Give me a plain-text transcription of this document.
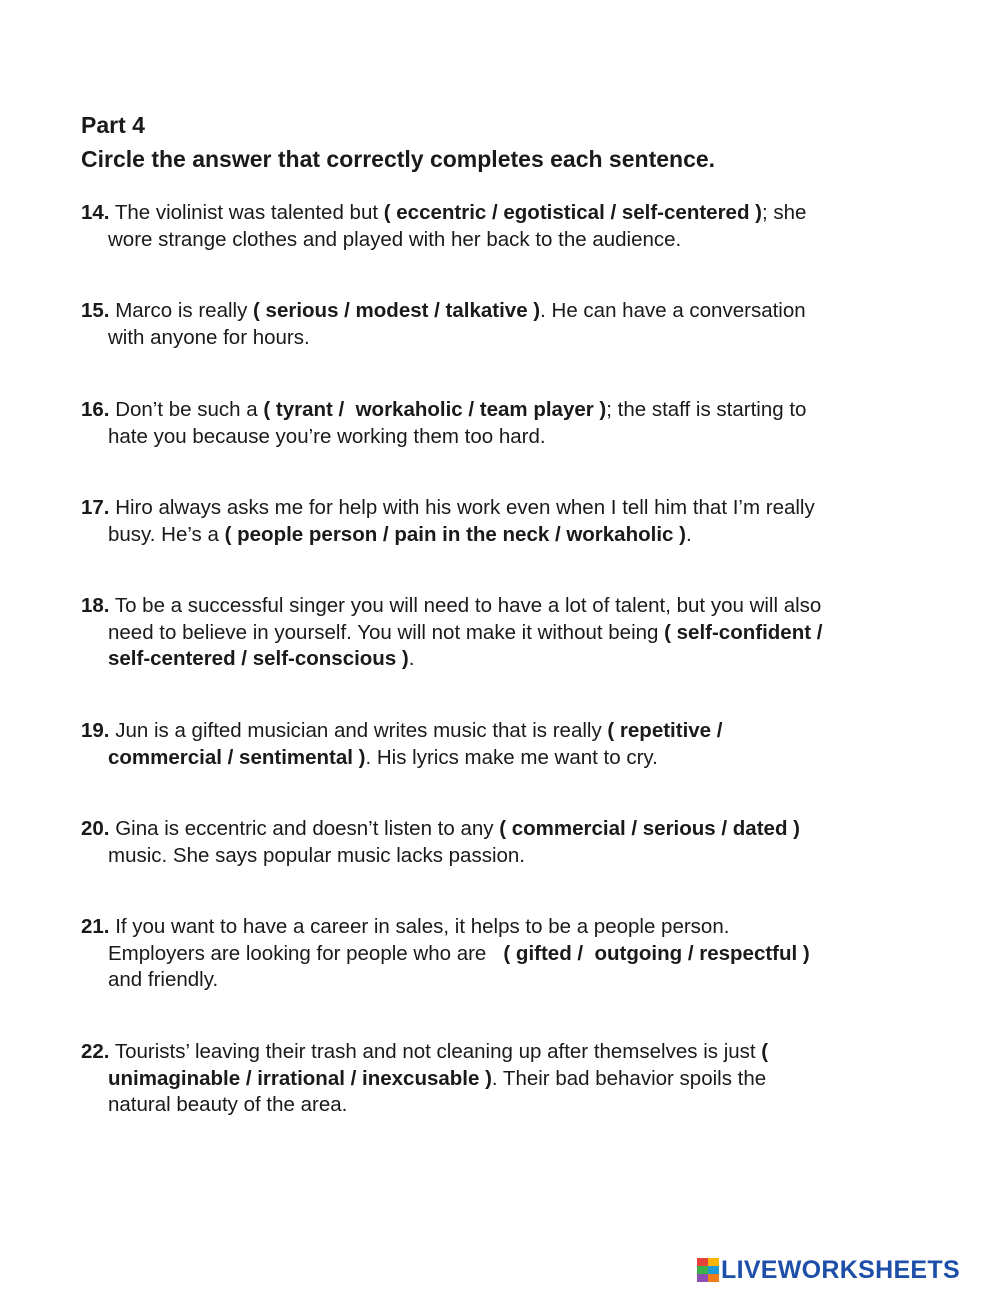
Part 4
Circle the answer that correctly completes each sentence.
14. The violinist was talented but ( eccentric / egotistical / self-centered ); she
wore strange clothes and played with her back to the audience.
15. Marco is really ( serious / modest / talkative ). He can have a conversation
with anyone for hours.
16. Don’t be such a ( tyrant /  workaholic / team player ); the staff is starting to
hate you because you’re working them too hard.
17. Hiro always asks me for help with his work even when I tell him that I’m really
busy. He’s a ( people person / pain in the neck / workaholic ).
18. To be a successful singer you will need to have a lot of talent, but you will also
need to believe in yourself. You will not make it without being ( self-confident /
self-centered / self-conscious ).
19. Jun is a gifted musician and writes music that is really ( repetitive /
commercial / sentimental ). His lyrics make me want to cry.
20. Gina is eccentric and doesn’t listen to any ( commercial / serious / dated )
music. She says popular music lacks passion.
21. If you want to have a career in sales, it helps to be a people person.
Employers are looking for people who are   ( gifted /  outgoing / respectful )
and friendly.
22. Tourists’ leaving their trash and not cleaning up after themselves is just (
unimaginable / irrational / inexcusable ). Their bad behavior spoils the
natural beauty of the area.
LIVEWORKSHEETS
